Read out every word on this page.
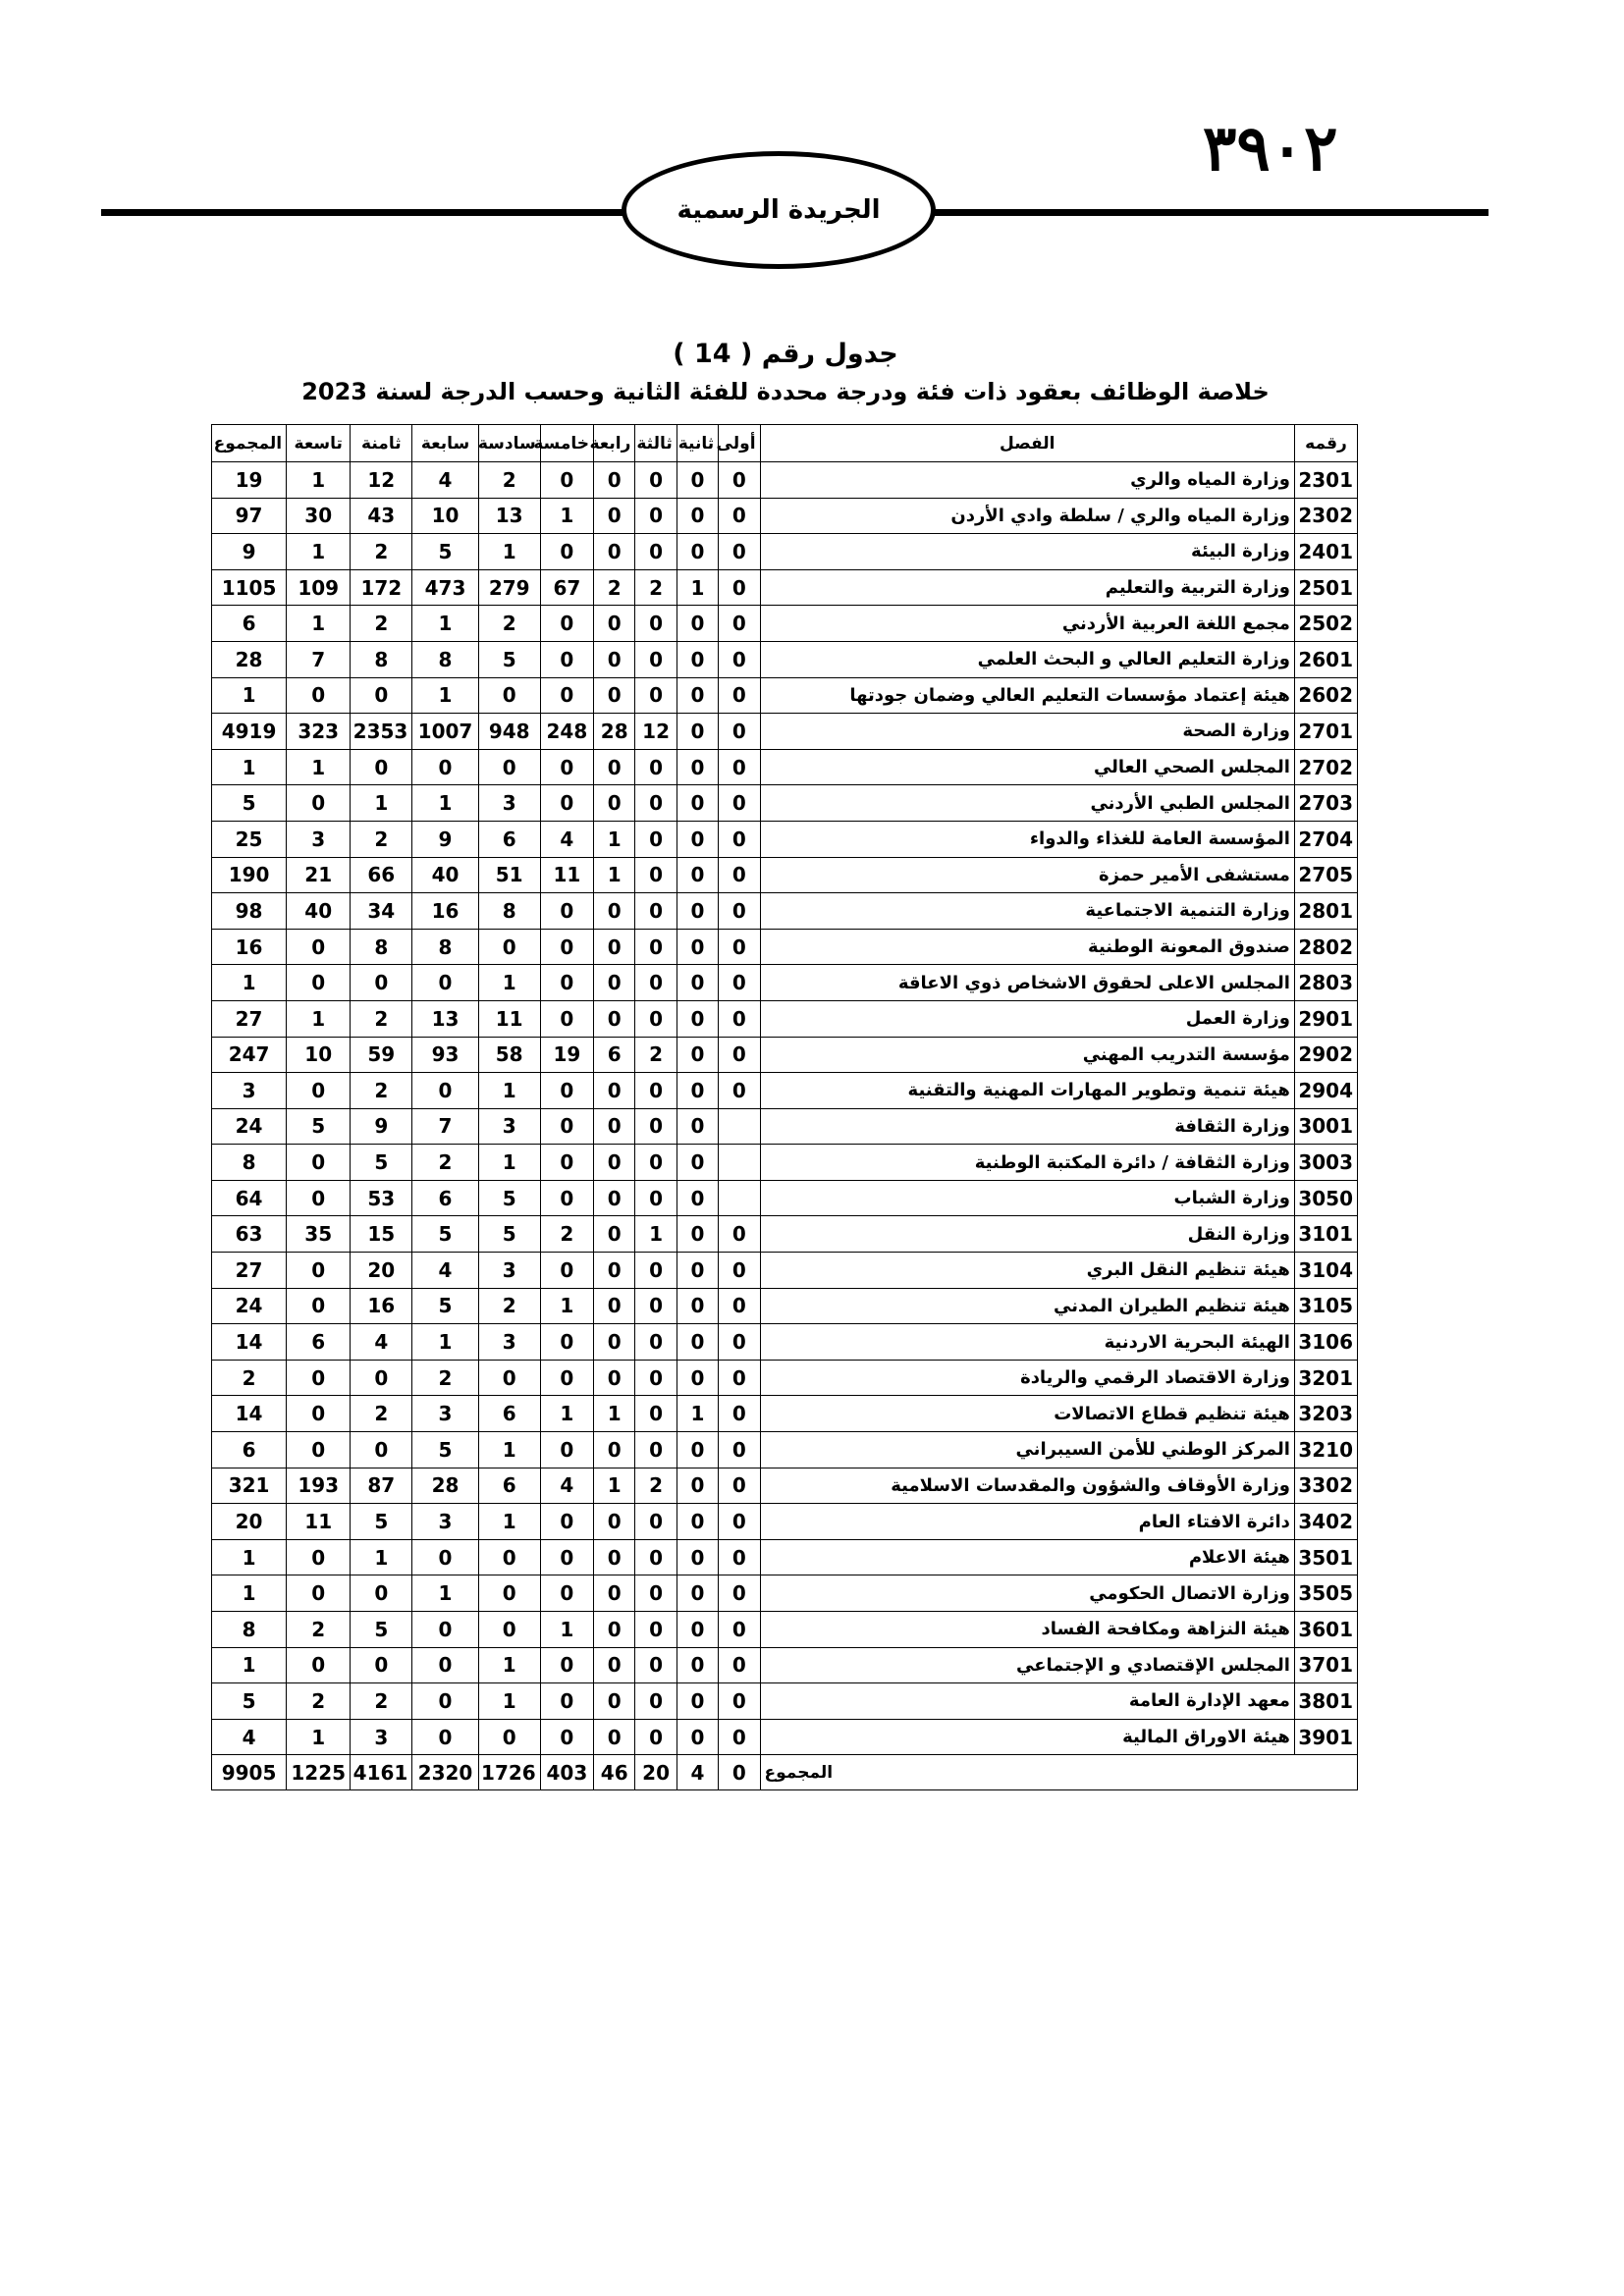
٣٩٠٢
الجريدة الرسمية
جدول رقم ( 14 )
خلاصة الوظائف بعقود ذات فئة ودرجة محددة للفئة الثانية وحسب الدرجة لسنة 2023
رقمه	الفصل	أولى	ثانية	ثالثة	رابعة	خامسة	سادسة	سابعة	ثامنة	تاسعة	المجموع
2301	وزارة المياه والري	0	0	0	0	0	2	4	12	1	19
2302	وزارة المياه والري / سلطة وادي الأردن	0	0	0	0	1	13	10	43	30	97
2401	وزارة البيئة	0	0	0	0	0	1	5	2	1	9
2501	وزارة التربية والتعليم	0	1	2	2	67	279	473	172	109	1105
2502	مجمع اللغة العربية الأردني	0	0	0	0	0	2	1	2	1	6
2601	وزارة التعليم العالي و البحث العلمي	0	0	0	0	0	5	8	8	7	28
2602	هيئة إعتماد مؤسسات التعليم العالي وضمان جودتها	0	0	0	0	0	0	1	0	0	1
2701	وزارة الصحة	0	0	12	28	248	948	1007	2353	323	4919
2702	المجلس الصحي العالي	0	0	0	0	0	0	0	0	1	1
2703	المجلس الطبي الأردني	0	0	0	0	0	3	1	1	0	5
2704	المؤسسة العامة للغذاء والدواء	0	0	0	1	4	6	9	2	3	25
2705	مستشفى الأمير حمزة	0	0	0	1	11	51	40	66	21	190
2801	وزارة التنمية الاجتماعية	0	0	0	0	0	8	16	34	40	98
2802	صندوق المعونة الوطنية	0	0	0	0	0	0	8	8	0	16
2803	المجلس الاعلى لحقوق الاشخاص ذوي الاعاقة	0	0	0	0	0	1	0	0	0	1
2901	وزارة العمل	0	0	0	0	0	11	13	2	1	27
2902	مؤسسة التدريب المهني	0	0	2	6	19	58	93	59	10	247
2904	هيئة تنمية وتطوير المهارات المهنية والتقنية	0	0	0	0	0	1	0	2	0	3
3001	وزارة الثقافة		0	0	0	0	3	7	9	5	24
3003	وزارة الثقافة / دائرة المكتبة الوطنية		0	0	0	0	1	2	5	0	8
3050	وزارة الشباب		0	0	0	0	5	6	53	0	64
3101	وزارة النقل	0	0	1	0	2	5	5	15	35	63
3104	هيئة تنظيم النقل البري	0	0	0	0	0	3	4	20	0	27
3105	هيئة تنظيم الطيران المدني	0	0	0	0	1	2	5	16	0	24
3106	الهيئة البحرية الاردنية	0	0	0	0	0	3	1	4	6	14
3201	وزارة الاقتصاد الرقمي والريادة	0	0	0	0	0	0	2	0	0	2
3203	هيئة تنظيم قطاع الاتصالات	0	1	0	1	1	6	3	2	0	14
3210	المركز الوطني للأمن السيبراني	0	0	0	0	0	1	5	0	0	6
3302	وزارة الأوقاف والشؤون والمقدسات الاسلامية	0	0	2	1	4	6	28	87	193	321
3402	دائرة الافتاء العام	0	0	0	0	0	1	3	5	11	20
3501	هيئة الاعلام	0	0	0	0	0	0	0	1	0	1
3505	وزارة الاتصال الحكومي	0	0	0	0	0	0	1	0	0	1
3601	هيئة النزاهة ومكافحة الفساد	0	0	0	0	1	0	0	5	2	8
3701	المجلس الإقتصادي و الإجتماعي	0	0	0	0	0	1	0	0	0	1
3801	معهد الإدارة العامة	0	0	0	0	0	1	0	2	2	5
3901	هيئة الاوراق المالية	0	0	0	0	0	0	0	3	1	4
المجموع		0	4	20	46	403	1726	2320	4161	1225	9905
